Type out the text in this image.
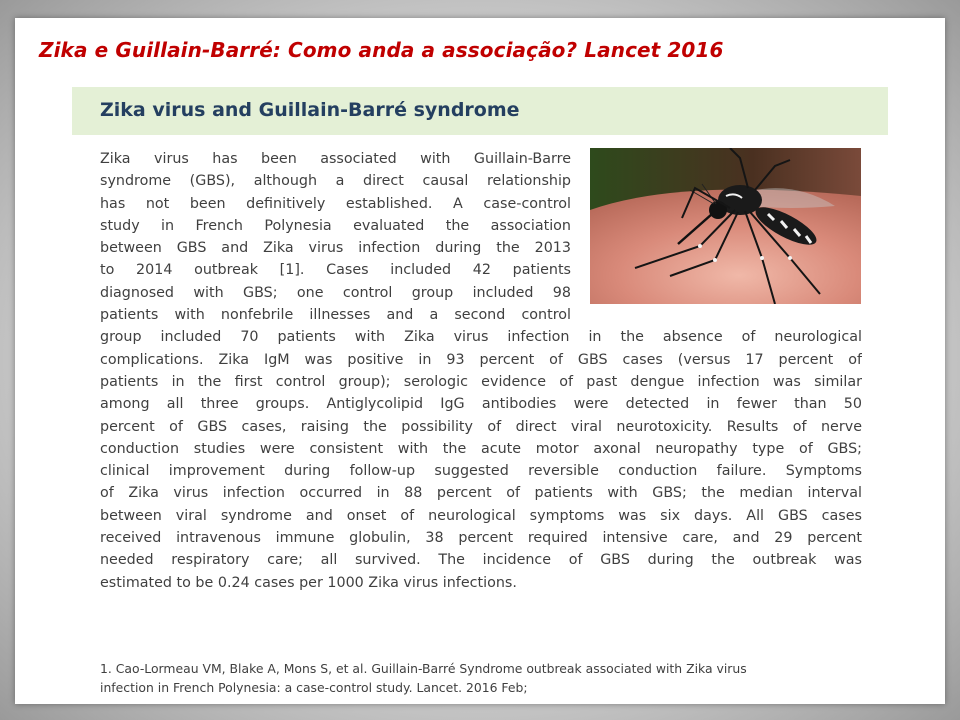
Zika e Guillain-Barré: Como anda a associação? Lancet 2016
Zika virus and Guillain-Barré syndrome
Zika virus has been associated with Guillain-Barre
syndrome (GBS), although a direct causal relationship
has not been definitively established. A case-control
study in French Polynesia evaluated the association
between GBS and Zika virus infection during the 2013
to 2014 outbreak [1]. Cases included 42 patients
diagnosed with GBS; one control group included 98
patients with nonfebrile illnesses and a second control
group included 70 patients with Zika virus infection in the absence of neurological
complications. Zika IgM was positive in 93 percent of GBS cases (versus 17 percent of
patients in the first control group); serologic evidence of past dengue infection was similar
among all three groups. Antiglycolipid IgG antibodies were detected in fewer than 50
percent of GBS cases, raising the possibility of direct viral neurotoxicity. Results of nerve
conduction studies were consistent with the acute motor axonal neuropathy type of GBS;
clinical improvement during follow-up suggested reversible conduction failure. Symptoms
of Zika virus infection occurred in 88 percent of patients with GBS; the median interval
between viral syndrome and onset of neurological symptoms was six days. All GBS cases
received intravenous immune globulin, 38 percent required intensive care, and 29 percent
needed respiratory care; all survived. The incidence of GBS during the outbreak was
estimated to be 0.24 cases per 1000 Zika virus infections.

1. Cao-Lormeau VM, Blake A, Mons S, et al. Guillain-Barré Syndrome outbreak associated with Zika virus
infection in French Polynesia: a case-control study. Lancet. 2016 Feb;
